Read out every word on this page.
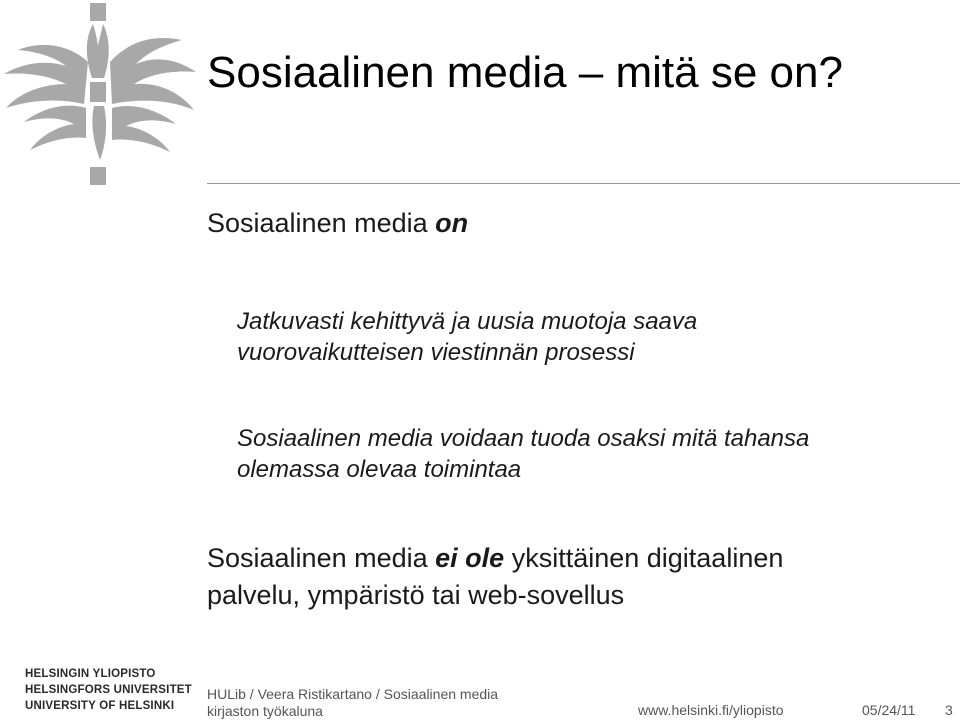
Sosiaalinen media – mitä se on?
Sosiaalinen media on
Jatkuvasti kehittyvä ja uusia muotoja saava
vuorovaikutteisen viestinnän prosessi
Sosiaalinen media voidaan tuoda osaksi mitä tahansa
olemassa olevaa toimintaa
Sosiaalinen media ei ole yksittäinen digitaalinen
palvelu, ympäristö tai web-sovellus
HELSINGIN YLIOPISTO
HELSINGFORS UNIVERSITET
UNIVERSITY OF HELSINKI
HULib / Veera Ristikartano / Sosiaalinen media
kirjaston työkaluna	www.helsinki.fi/yliopisto	05/24/11 3
